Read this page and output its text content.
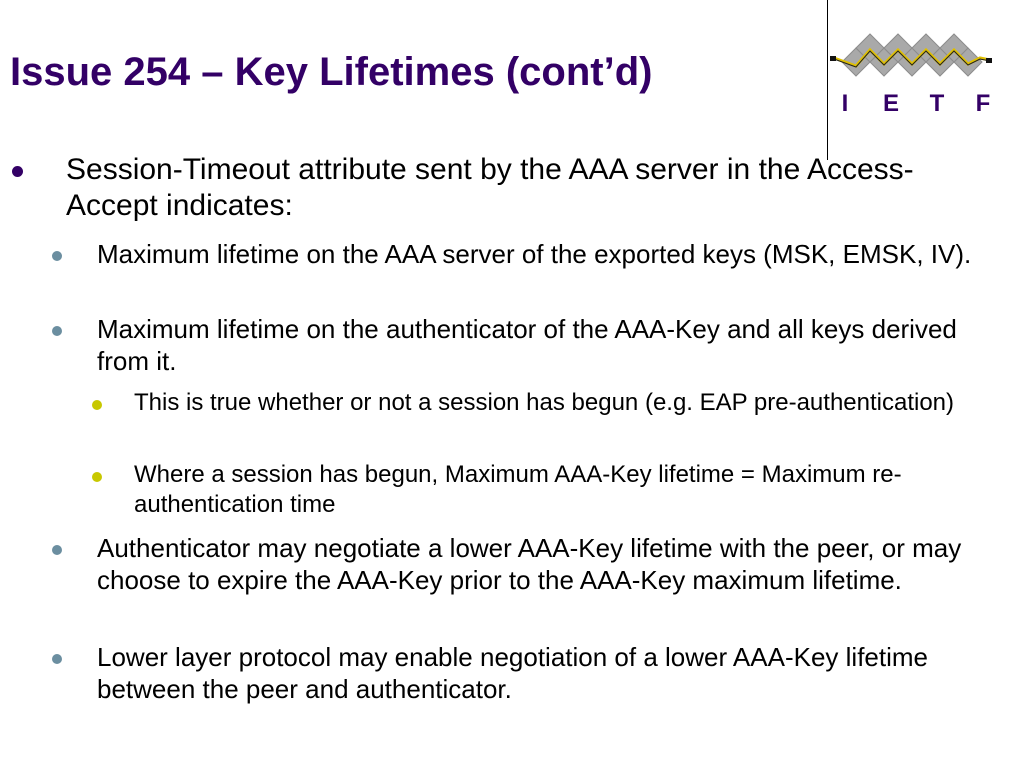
Issue 254 – Key Lifetimes (cont’d)
I	E T F

Session-Timeout attribute sent by the AAA server in the Access-Accept indicates:

Maximum lifetime on the AAA server of the exported keys (MSK, EMSK, IV).

Maximum lifetime on the authenticator of the AAA-Key and all keys derived from it.

This is true whether or not a session has begun (e.g. EAP pre-authentication)

Where a session has begun, Maximum AAA-Key lifetime = Maximum re-authentication time

Authenticator may negotiate a lower AAA-Key lifetime with the peer, or may choose to expire the AAA-Key prior to the AAA-Key maximum lifetime.

Lower layer protocol may enable negotiation of a lower AAA-Key lifetime between the peer and authenticator.
